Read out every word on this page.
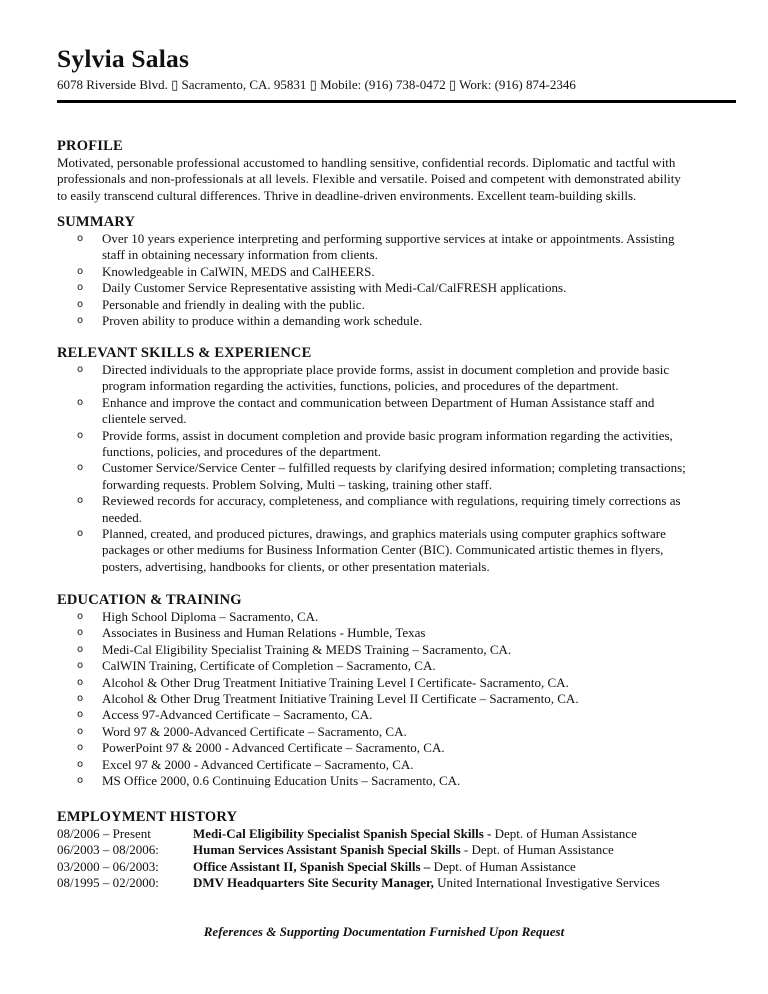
Sylvia Salas
6078 Riverside Blvd. ▯ Sacramento, CA. 95831 ▯ Mobile: (916) 738-0472 ▯ Work: (916) 874-2346
PROFILE
Motivated, personable professional accustomed to handling sensitive, confidential records. Diplomatic and tactful with
professionals and non-professionals at all levels. Flexible and versatile. Poised and competent with demonstrated ability
to easily transcend cultural differences. Thrive in deadline-driven environments. Excellent team-building skills.
SUMMARY
o Over 10 years experience interpreting and performing supportive services at intake or appointments. Assisting
staff in obtaining necessary information from clients.
o Knowledgeable in CalWIN, MEDS and CalHEERS.
o Daily Customer Service Representative assisting with Medi-Cal/CalFRESH applications.
o Personable and friendly in dealing with the public.
o Proven ability to produce within a demanding work schedule.
RELEVANT SKILLS & EXPERIENCE
o Directed individuals to the appropriate place provide forms, assist in document completion and provide basic
program information regarding the activities, functions, policies, and procedures of the department.
o Enhance and improve the contact and communication between Department of Human Assistance staff and
clientele served.
o Provide forms, assist in document completion and provide basic program information regarding the activities,
functions, policies, and procedures of the department.
o Customer Service/Service Center – fulfilled requests by clarifying desired information; completing transactions;
forwarding requests. Problem Solving, Multi – tasking, training other staff.
o Reviewed records for accuracy, completeness, and compliance with regulations, requiring timely corrections as
needed.
o Planned, created, and produced pictures, drawings, and graphics materials using computer graphics software
packages or other mediums for Business Information Center (BIC). Communicated artistic themes in flyers,
posters, advertising, handbooks for clients, or other presentation materials.
EDUCATION & TRAINING
o High School Diploma – Sacramento, CA.
o Associates in Business and Human Relations - Humble, Texas
o Medi-Cal Eligibility Specialist Training & MEDS Training – Sacramento, CA.
o CalWIN Training, Certificate of Completion – Sacramento, CA.
o Alcohol & Other Drug Treatment Initiative Training Level I Certificate- Sacramento, CA.
o Alcohol & Other Drug Treatment Initiative Training Level II Certificate – Sacramento, CA.
o Access 97-Advanced Certificate – Sacramento, CA.
o Word 97 & 2000-Advanced Certificate – Sacramento, CA.
o PowerPoint 97 & 2000 - Advanced Certificate – Sacramento, CA.
o Excel 97 & 2000 - Advanced Certificate – Sacramento, CA.
o MS Office 2000, 0.6 Continuing Education Units – Sacramento, CA.
EMPLOYMENT HISTORY
08/2006 – Present	Medi-Cal Eligibility Specialist Spanish Special Skills - Dept. of Human Assistance
06/2003 – 08/2006:	Human Services Assistant Spanish Special Skills - Dept. of Human Assistance
03/2000 – 06/2003:	Office Assistant II, Spanish Special Skills – Dept. of Human Assistance
08/1995 – 02/2000:	DMV Headquarters Site Security Manager, United International Investigative Services
References & Supporting Documentation Furnished Upon Request
